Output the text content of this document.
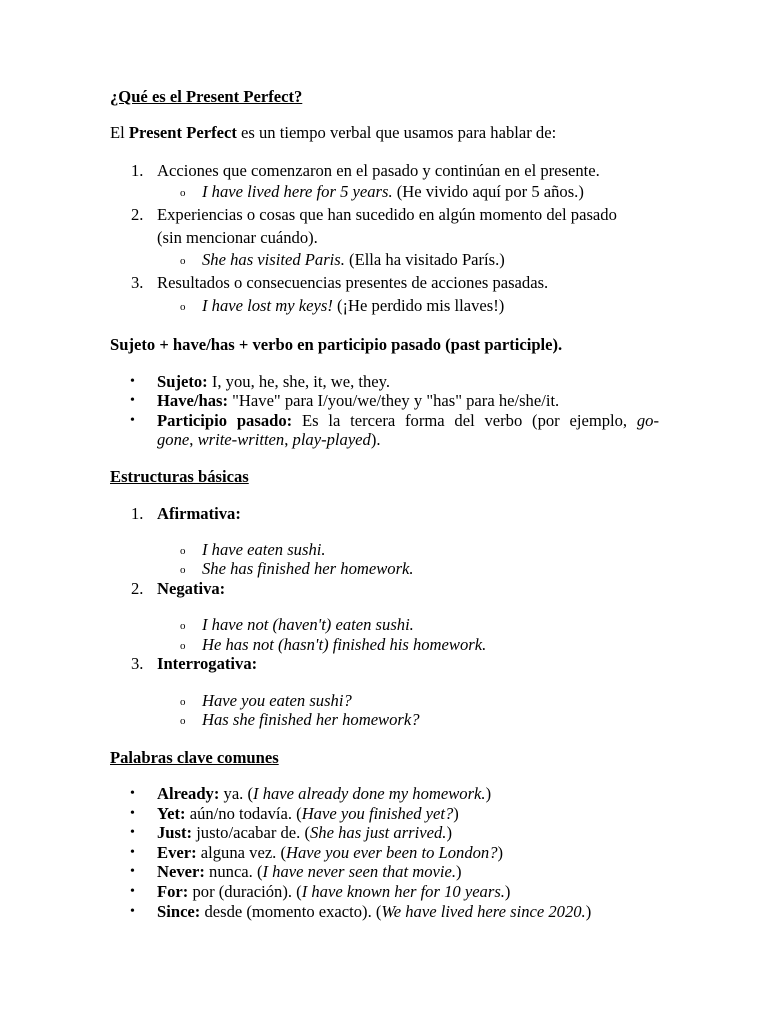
¿Qué es el Present Perfect?
El Present Perfect es un tiempo verbal que usamos para hablar de:
1. Acciones que comenzaron en el pasado y continúan en el presente.
o I have lived here for 5 years. (He vivido aquí por 5 años.)
2. Experiencias o cosas que han sucedido en algún momento del pasado
(sin mencionar cuándo).
o She has visited Paris. (Ella ha visitado París.)
3. Resultados o consecuencias presentes de acciones pasadas.
o I have lost my keys! (¡He perdido mis llaves!)
Sujeto + have/has + verbo en participio pasado (past participle).
• Sujeto: I, you, he, she, it, we, they.
• Have/has: "Have" para I/you/we/they y "has" para he/she/it.
• Participio pasado: Es la tercera forma del verbo (por ejemplo, go-
gone, write-written, play-played).
Estructuras básicas
1. Afirmativa:
o I have eaten sushi.
o She has finished her homework.
2. Negativa:
o I have not (haven't) eaten sushi.
o He has not (hasn't) finished his homework.
3. Interrogativa:
o Have you eaten sushi?
o Has she finished her homework?
Palabras clave comunes
• Already: ya. (I have already done my homework.)
• Yet: aún/no todavía. (Have you finished yet?)
• Just: justo/acabar de. (She has just arrived.)
• Ever: alguna vez. (Have you ever been to London?)
• Never: nunca. (I have never seen that movie.)
• For: por (duración). (I have known her for 10 years.)
• Since: desde (momento exacto). (We have lived here since 2020.)
